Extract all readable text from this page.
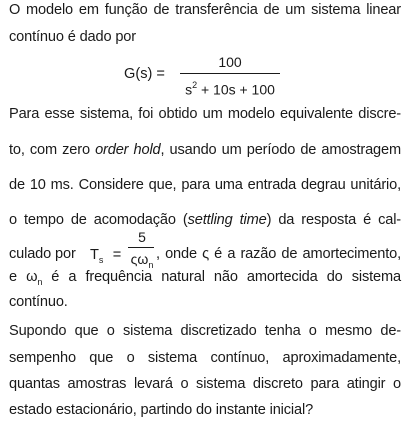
O modelo em função de transferência de um sistema linear
contínuo é dado por
G(s) =
100
$s^2 + 10s + 100$
Para esse sistema, foi obtido um modelo equivalente discre-
to, com zero order hold, usando um período de amostragem
de 10 ms. Considere que, para uma entrada degrau unitário,
o tempo de acomodação (settling time) da resposta é cal-
culado por $T_s$ =
5
$\varsigma\omega_n$
, onde ς é a razão de amortecimento,
e $\omega_n$ é a frequência natural não amortecida do sistema
contínuo.
Supondo que o sistema discretizado tenha o mesmo de-
sempenho que o sistema contínuo, aproximadamente,
quantas amostras levará o sistema discreto para atingir o
estado estacionário, partindo do instante inicial?
